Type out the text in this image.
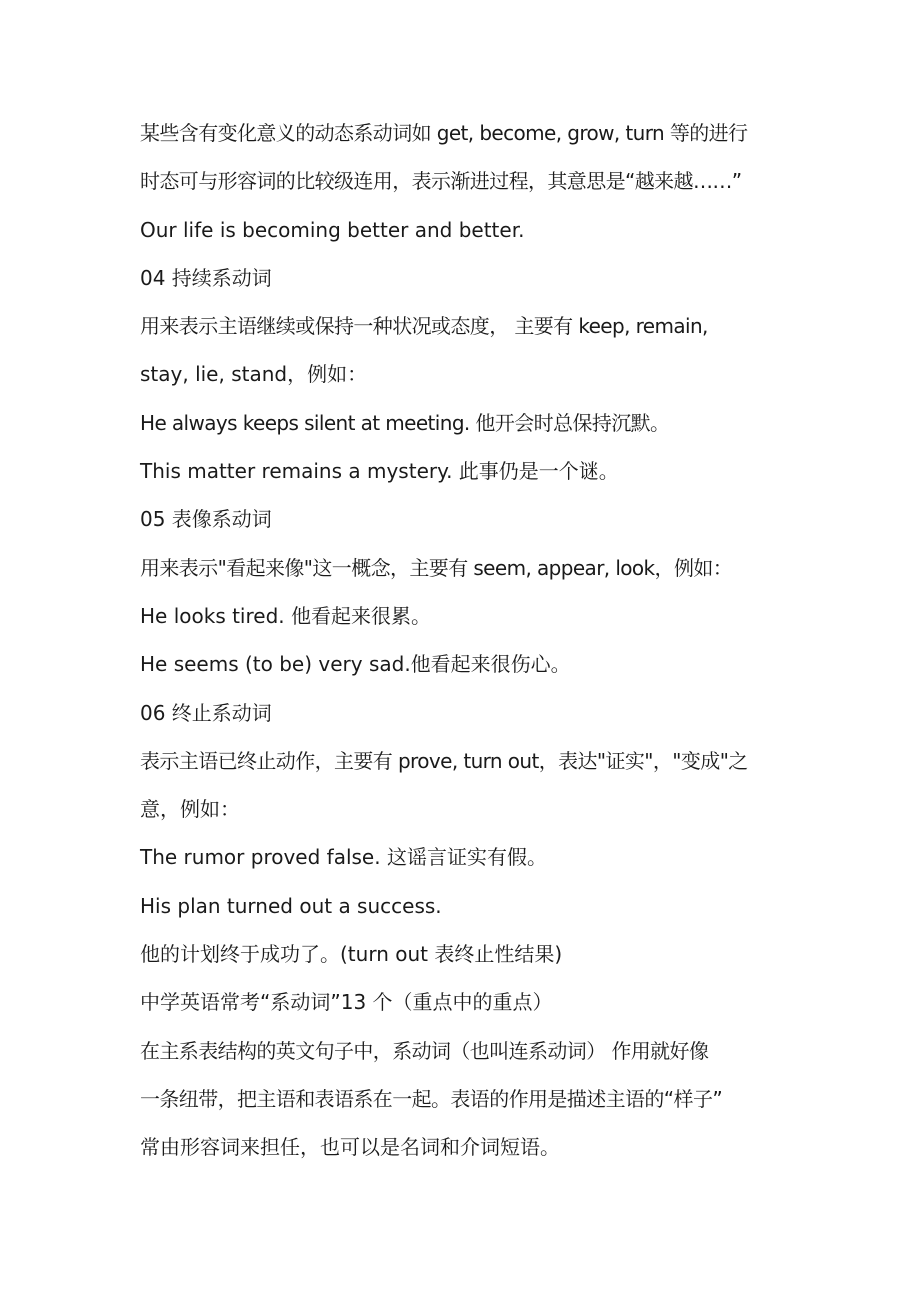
某些含有变化意义的动态系动词如 get, become, grow, turn 等的进行
时态可与形容词的比较级连用，表示渐进过程，其意思是“越来越……”
Our life is becoming better and better.
04 持续系动词
用来表示主语继续或保持一种状况或态度， 主要有 keep, remain,
stay, lie, stand，例如：
He always keeps silent at meeting. 他开会时总保持沉默。
This matter remains a mystery. 此事仍是一个谜。
05 表像系动词
用来表示"看起来像"这一概念，主要有 seem, appear, look，例如：
He looks tired. 他看起来很累。
He seems (to be) very sad.他看起来很伤心。
06 终止系动词
表示主语已终止动作，主要有 prove, turn out，表达"证实"，"变成"之
意，例如：
The rumor proved false. 这谣言证实有假。
His plan turned out a success.
他的计划终于成功了。(turn out 表终止性结果)
中学英语常考“系动词”13 个（重点中的重点）
在主系表结构的英文句子中，系动词（也叫连系动词） 作用就好像
一条纽带，把主语和表语系在一起。表语的作用是描述主语的“样子”
常由形容词来担任，也可以是名词和介词短语。
